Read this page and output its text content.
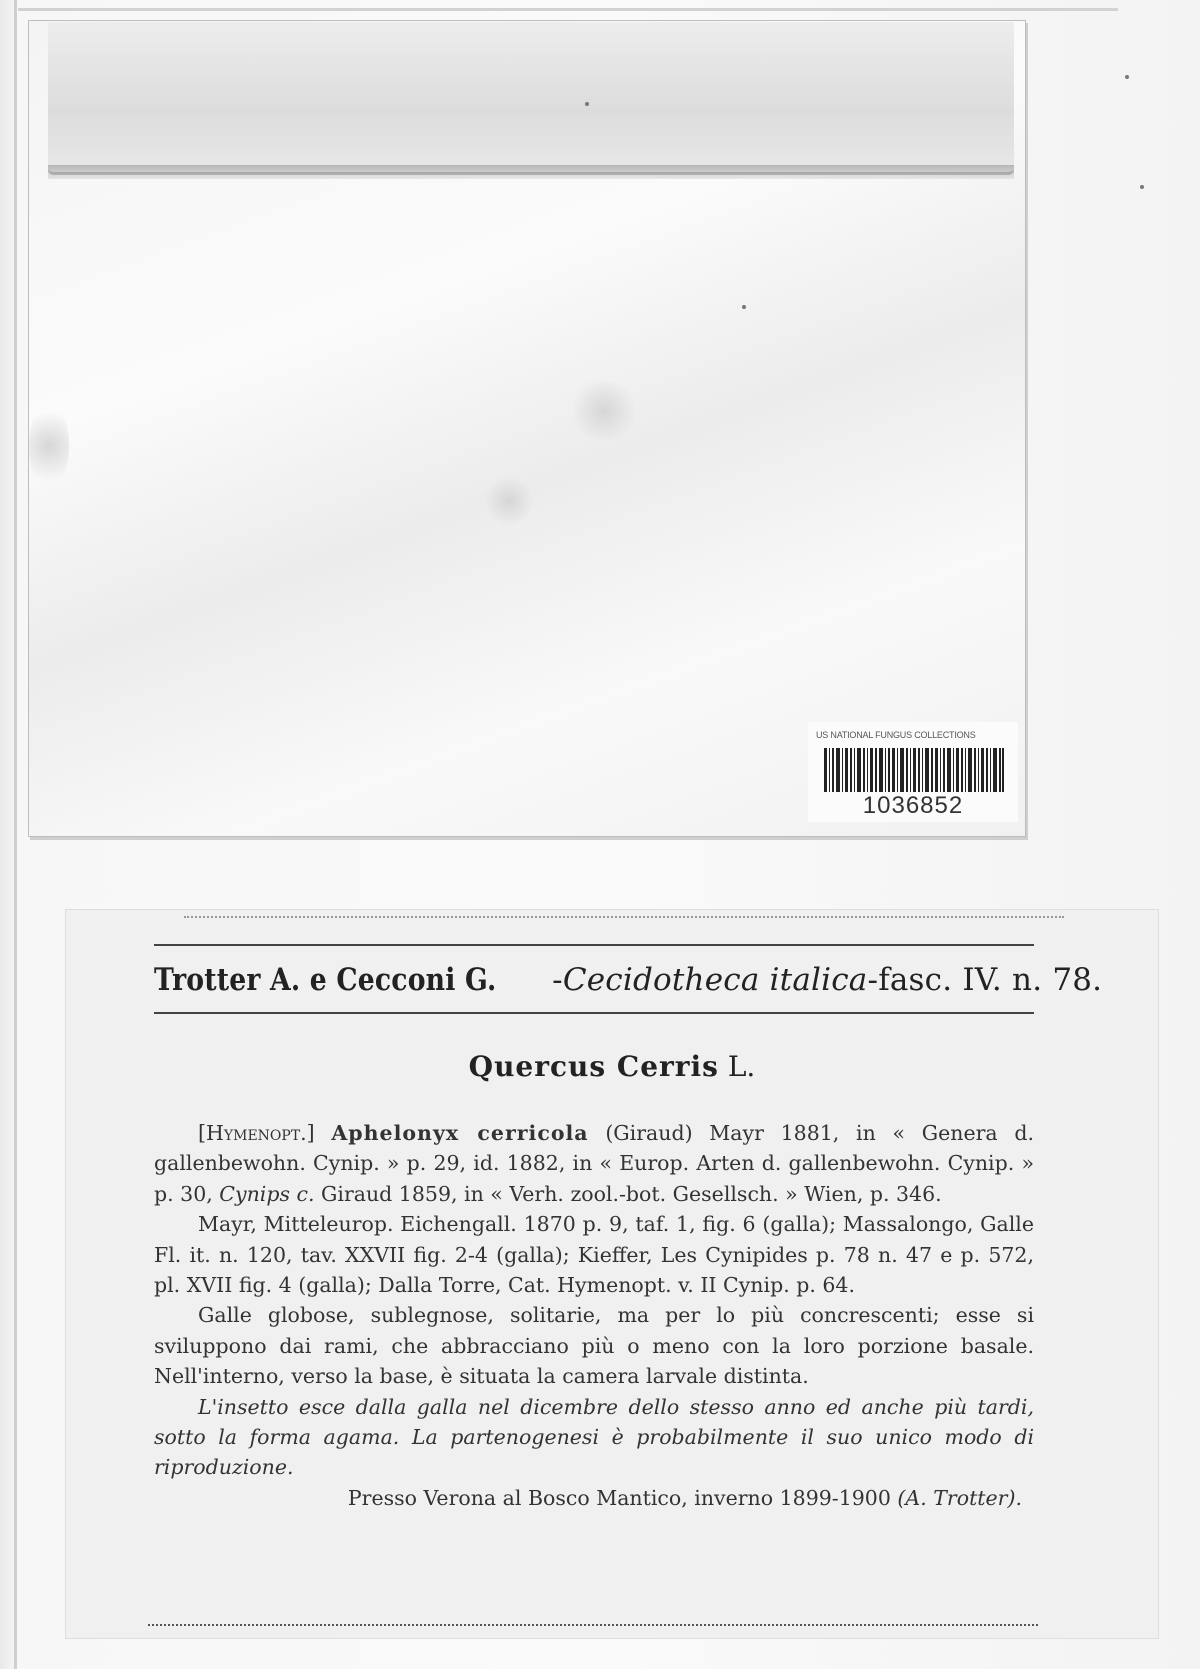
US NATIONAL FUNGUS COLLECTIONS
1036852
Trotter A. e Cecconi G. - Cecidotheca italica - fasc. IV. n. 78.
Quercus Cerris L.

[Hymenopt.] Aphelonyx cerricola (Giraud) Mayr 1881, in « Genera d. gallenbewohn. Cynip. » p. 29, id. 1882, in « Europ. Arten d. gallenbewohn. Cynip. » p. 30, Cynips c. Giraud 1859, in « Verh. zool.-bot. Gesellsch. » Wien, p. 346.

Mayr, Mitteleurop. Eichengall. 1870 p. 9, taf. 1, fig. 6 (galla); Massalongo, Galle Fl. it. n. 120, tav. XXVII fig. 2-4 (galla); Kieffer, Les Cynipides p. 78 n. 47 e p. 572, pl. XVII fig. 4 (galla); Dalla Torre, Cat. Hymenopt. v. II Cynip. p. 64.

Galle globose, sublegnose, solitarie, ma per lo più concrescenti; esse si sviluppono dai rami, che abbracciano più o meno con la loro porzione basale. Nell'interno, verso la base, è situata la camera larvale distinta.

L'insetto esce dalla galla nel dicembre dello stesso anno ed anche più tardi, sotto la forma agama. La partenogenesi è probabilmente il suo unico modo di riproduzione.

Presso Verona al Bosco Mantico, inverno 1899-1900 (A. Trotter).
